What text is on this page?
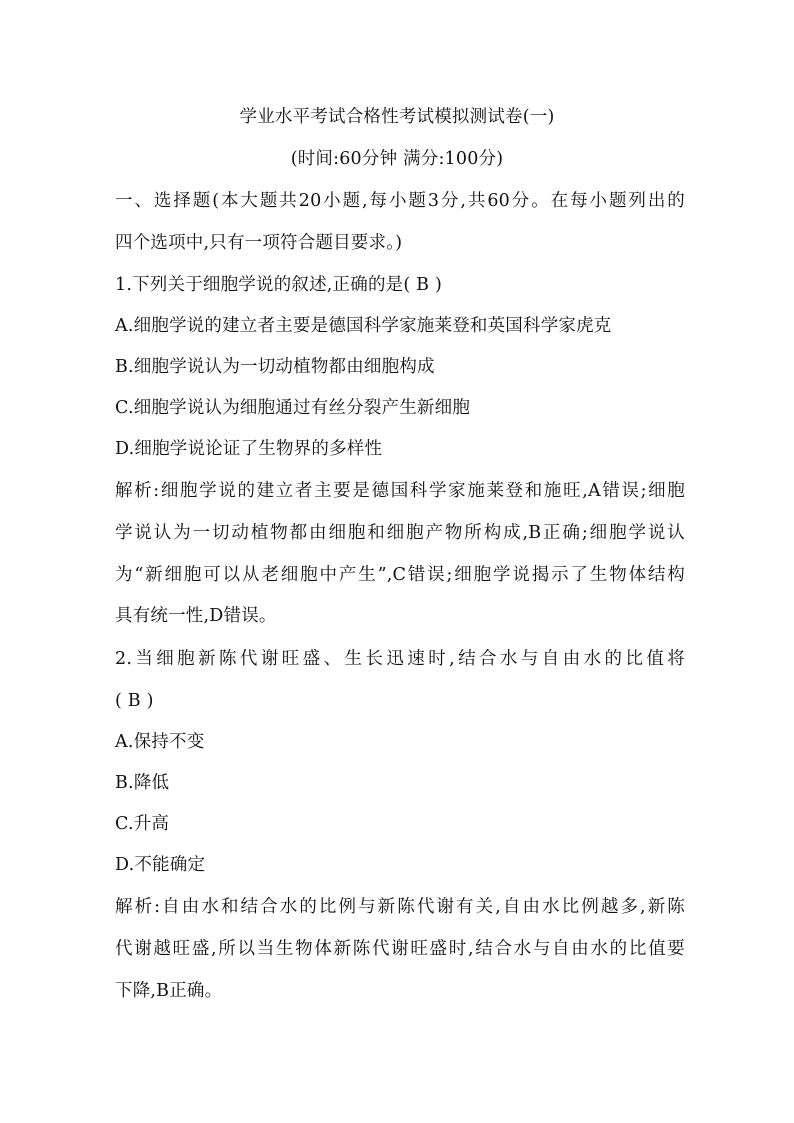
学业水平考试合格性考试模拟测试卷(一)
(时间:60分钟 满分:100分)
一、选择题(本大题共20小题,每小题3分,共60分。在每小题列出的
四个选项中,只有一项符合题目要求。)
1.下列关于细胞学说的叙述,正确的是( B )
A.细胞学说的建立者主要是德国科学家施莱登和英国科学家虎克
B.细胞学说认为一切动植物都由细胞构成
C.细胞学说认为细胞通过有丝分裂产生新细胞
D.细胞学说论证了生物界的多样性
解析:细胞学说的建立者主要是德国科学家施莱登和施旺,A错误;细胞
学说认为一切动植物都由细胞和细胞产物所构成,B正确;细胞学说认
为“新细胞可以从老细胞中产生”,C错误;细胞学说揭示了生物体结构
具有统一性,D错误。
2.当细胞新陈代谢旺盛、生长迅速时,结合水与自由水的比值将
( B )
A.保持不变
B.降低
C.升高
D.不能确定
解析:自由水和结合水的比例与新陈代谢有关,自由水比例越多,新陈
代谢越旺盛,所以当生物体新陈代谢旺盛时,结合水与自由水的比值要
下降,B正确。
